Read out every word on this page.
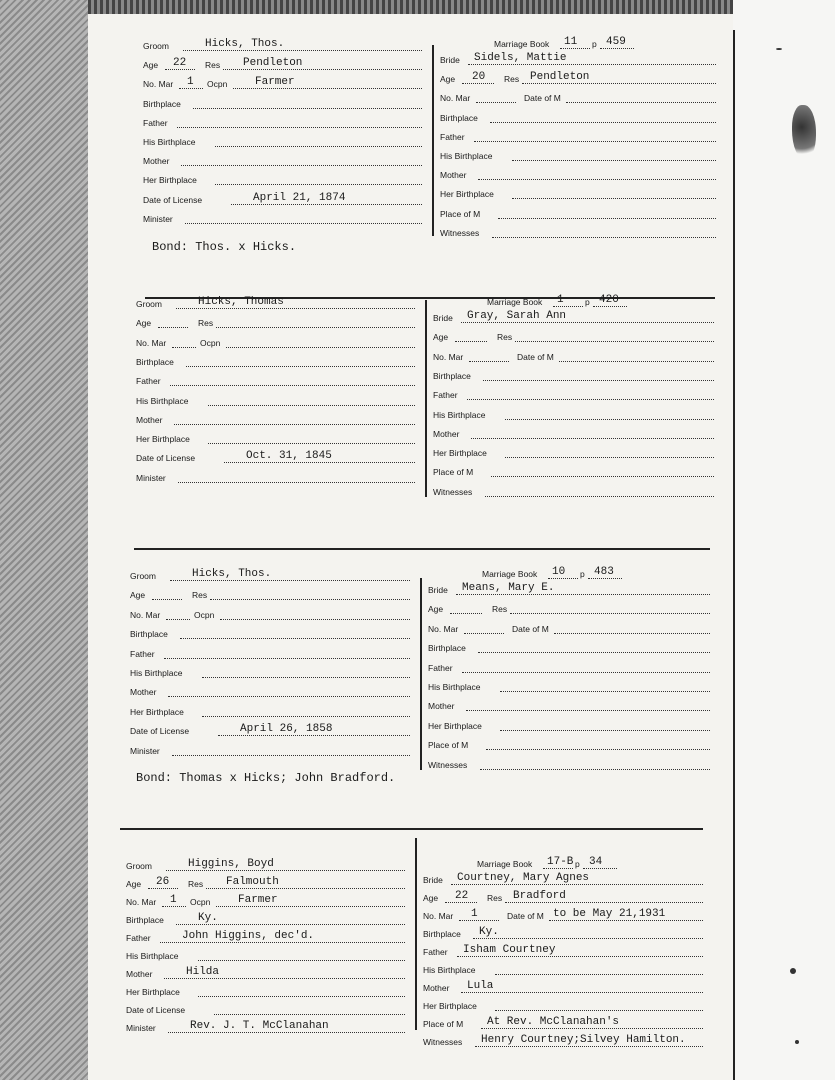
Groom	Hicks, Thos.
Age 22 Res Pendleton
No. Mar 1 Ocpn	Farmer
Birthplace
Father
His Birthplace
Mother
Her Birthplace
Date of License	April 21, 1874
Minister
Marriage Book 11 p 459
Bride Sidels, Mattie
Age 20 Res Pendleton
No. Mar	Date of M
Birthplace
Father
His Birthplace
Mother
Her Birthplace
Place of M
Witnesses
Bond: Thos. x Hicks.
Groom	Hicks, Thomas
Age	Res
No. Mar	Ocpn
Birthplace
Father
His Birthplace
Mother
Her Birthplace
Date of License	Oct. 31, 1845
Minister
Marriage Book 1	p 420
Bride Gray, Sarah Ann
Age	Res
No. Mar	Date of M
Birthplace
Father
His Birthplace
Mother
Her Birthplace
Place of M
Witnesses
Groom	Hicks, Thos.
Age	Res
No. Mar	Ocpn
Birthplace
Father
His Birthplace
Mother
Her Birthplace
Date of License	April 26, 1858
Minister
Marriage Book 10 p 483
Bride Means, Mary E.
Age	Res
No. Mar	Date of M
Birthplace
Father
His Birthplace
Mother
Her Birthplace
Place of M
Witnesses
Bond: Thomas x Hicks; John Bradford.
Groom	Higgins, Boyd
Age 26 Res Falmouth
No. Mar 1 Ocpn	Farmer
Birthplace	Ky.
Father	John Higgins, dec'd.
His Birthplace
Mother	Hilda
Her Birthplace
Date of License
Minister	Rev. J. T. McClanahan
Marriage Book 17-B p 34
Bride Courtney, Mary Agnes
Age 22 Res Bradford
No. Mar 1	Date of M to be May 21,1931
Birthplace Ky.
Father Isham Courtney
His Birthplace
Mother Lula
Her Birthplace
Place of M At Rev. McClanahan's
Witnesses Henry Courtney;Silvey Hamilton.
